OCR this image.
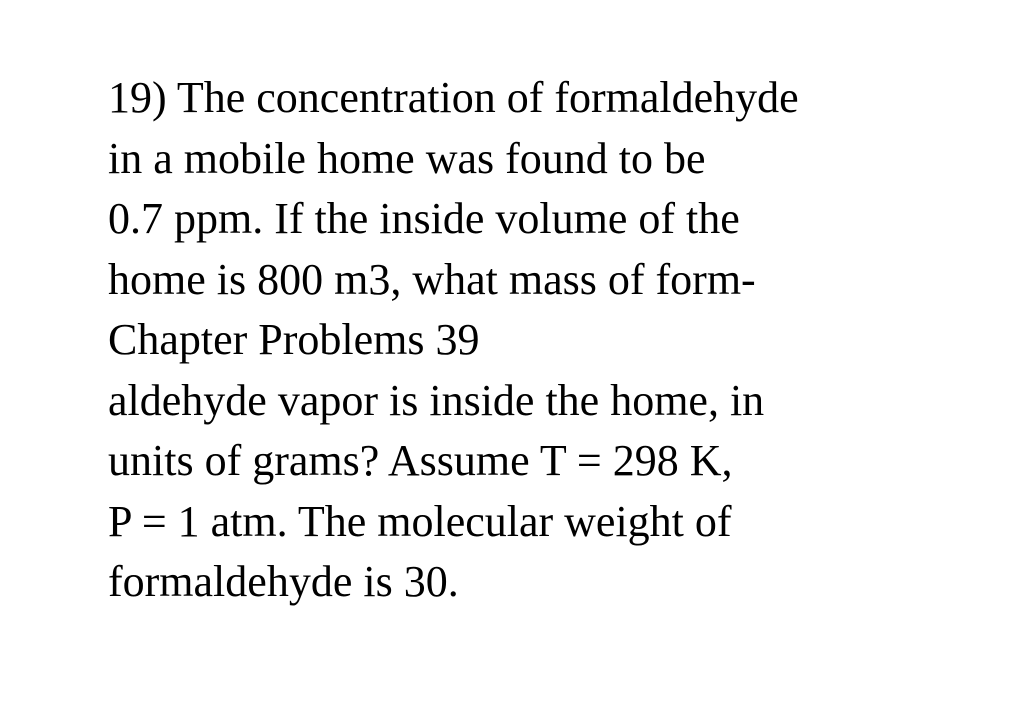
19) The concentration of formaldehyde
in a mobile home was found to be
0.7 ppm. If the inside volume of the
home is 800 m3, what mass of form-
Chapter Problems 39
aldehyde vapor is inside the home, in
units of grams? Assume T = 298 K,
P = 1 atm. The molecular weight of
formaldehyde is 30.
